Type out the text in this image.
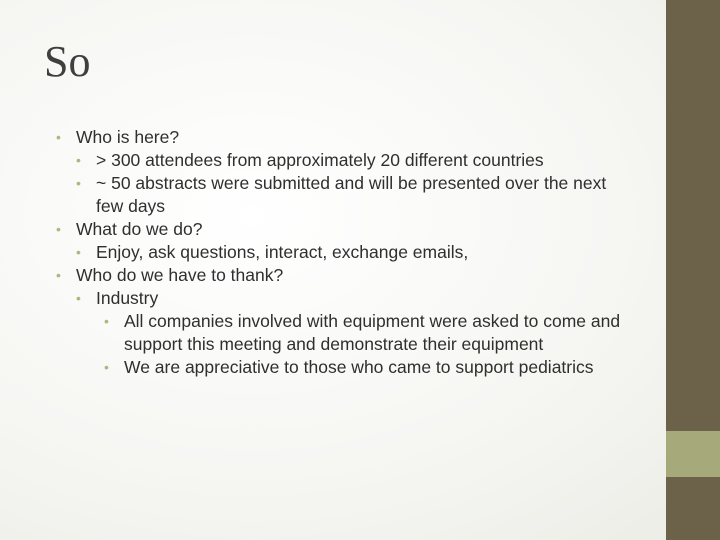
So
• Who is here?
• > 300 attendees from approximately 20 different countries
• ~ 50 abstracts were submitted and will be presented over the next few days
• What do we do?
• Enjoy, ask questions, interact, exchange emails,
• Who do we have to thank?
• Industry
• All companies involved with equipment were asked to come and support this meeting and demonstrate their equipment
• We are appreciative to those who came to support pediatrics
